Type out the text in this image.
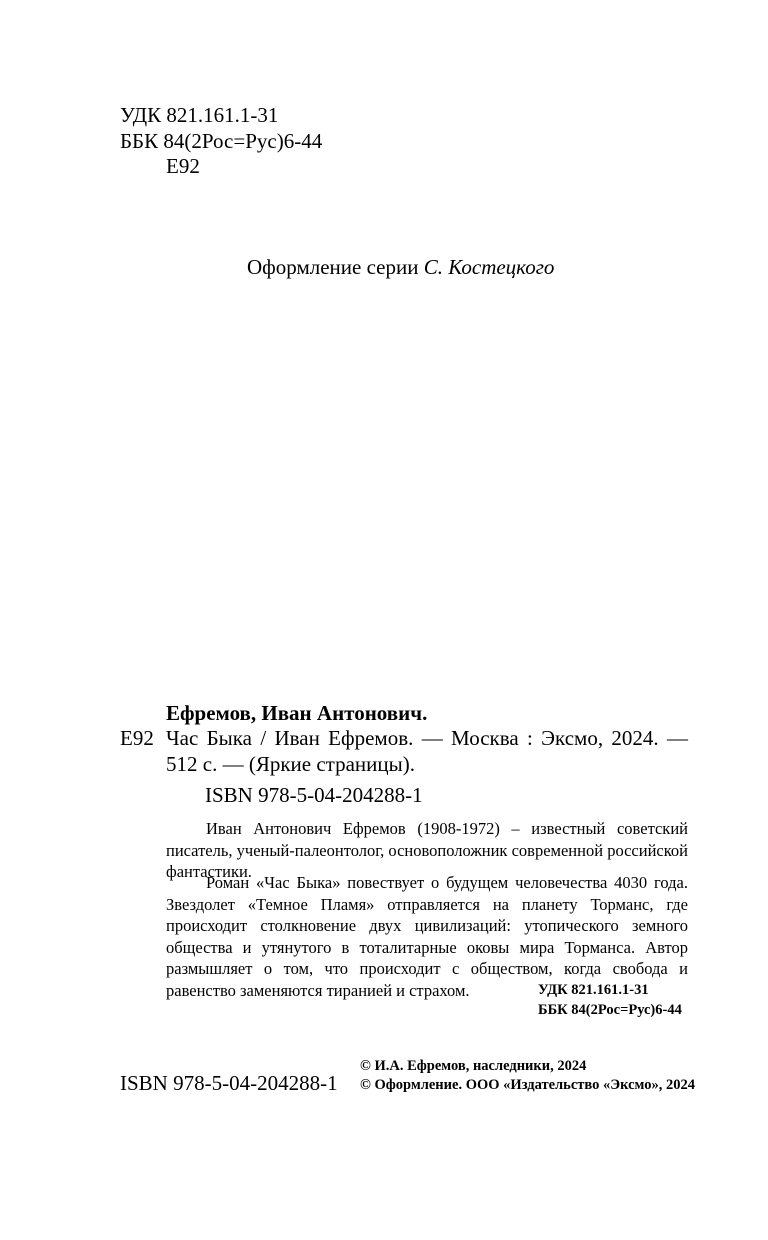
УДК 821.161.1-31
ББК 84(2Рос=Рус)6-44
Е92
Оформление серии С. Костецкого
Ефремов, Иван Антонович.
Е92 Час Быка / Иван Ефремов. — Москва : Эксмо, 2024. — 512 с. — (Яркие страницы).
ISBN 978-5-04-204288-1
Иван Антонович Ефремов (1908-1972) – известный советский писатель, ученый-палеонтолог, основоположник современной российской фантастики.
Роман «Час Быка» повествует о будущем человечества 4030 года. Звездолет «Темное Пламя» отправляется на планету Торманс, где происходит столкновение двух цивилизаций: утопического земного общества и утянутого в тоталитарные оковы мира Торманса. Автор размышляет о том, что происходит с обществом, когда свобода и равенство заменяются тиранией и страхом.	УДК 821.161.1-31
ББК 84(2Рос=Рус)6-44
ISBN 978-5-04-204288-1
© И.А. Ефремов, наследники, 2024
© Оформление. ООО «Издательство «Эксмо», 2024
